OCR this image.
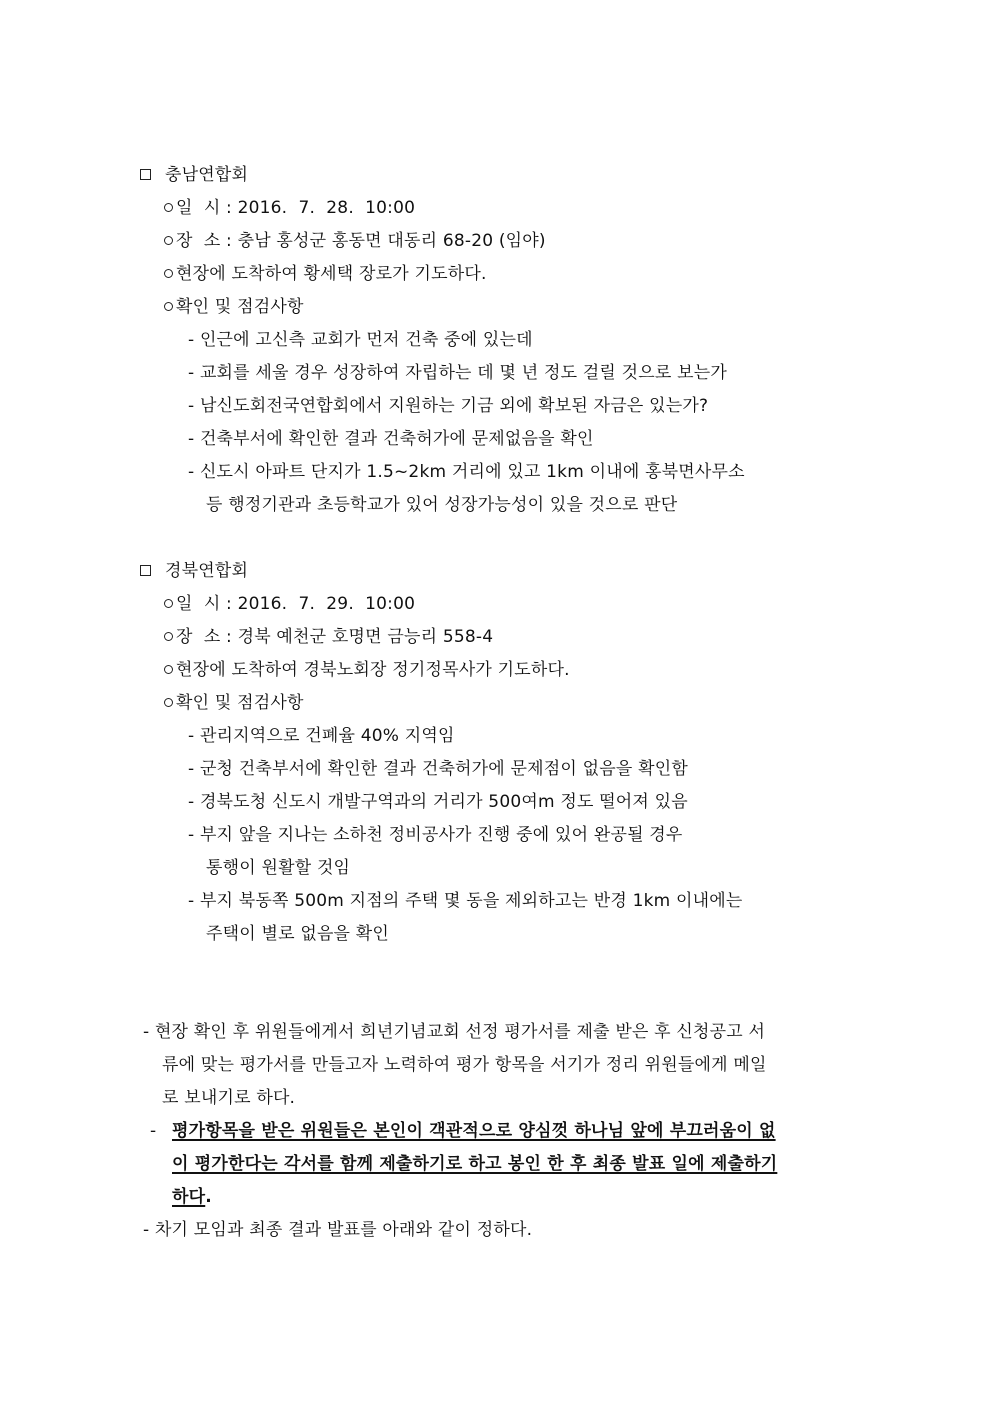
충남연합회
일  시 : 2016.  7.  28.  10:00
장  소 : 충남 홍성군 홍동면 대동리 68-20 (임야)
현장에 도착하여 황세택 장로가 기도하다.
확인 및 점검사항
- 인근에 고신측 교회가 먼저 건축 중에 있는데
- 교회를 세울 경우 성장하여 자립하는 데 몇 년 정도 걸릴 것으로 보는가
- 남신도회전국연합회에서 지원하는 기금 외에 확보된 자금은 있는가?
- 건축부서에 확인한 결과 건축허가에 문제없음을 확인
- 신도시 아파트 단지가 1.5~2km 거리에 있고 1km 이내에 홍북면사무소
등 행정기관과 초등학교가 있어 성장가능성이 있을 것으로 판단
경북연합회
일  시 : 2016.  7.  29.  10:00
장  소 : 경북 예천군 호명면 금능리 558-4
현장에 도착하여 경북노회장 정기정목사가 기도하다.
확인 및 점검사항
- 관리지역으로 건폐율 40% 지역임
- 군청 건축부서에 확인한 결과 건축허가에 문제점이 없음을 확인함
- 경북도청 신도시 개발구역과의 거리가 500여m 정도 떨어져 있음
- 부지 앞을 지나는 소하천 정비공사가 진행 중에 있어 완공될 경우
통행이 원활할 것임
- 부지 북동쪽 500m 지점의 주택 몇 동을 제외하고는 반경 1km 이내에는
주택이 별로 없음을 확인
- 현장 확인 후 위원들에게서 희년기념교회 선정 평가서를 제출 받은 후 신청공고 서
류에 맞는 평가서를 만들고자 노력하여 평가 항목을 서기가 정리 위원들에게 메일
로 보내기로 하다.
- 평가항목을 받은 위원들은 본인이 객관적으로 양심껏 하나님 앞에 부끄러움이 없
이 평가한다는 각서를 함께 제출하기로 하고 봉인 한 후 최종 발표 일에 제출하기
하다.
- 차기 모임과 최종 결과 발표를 아래와 같이 정하다.
